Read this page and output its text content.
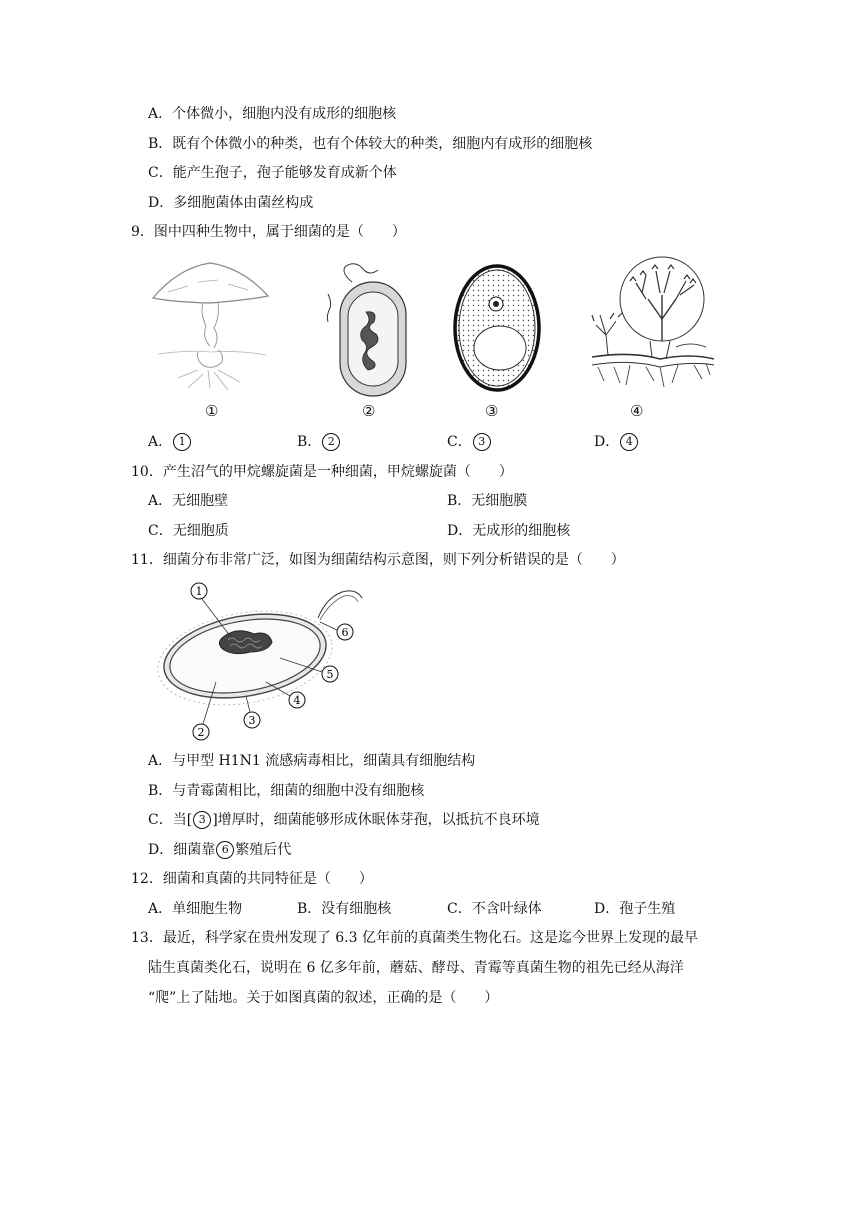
A．个体微小，细胞内没有成形的细胞核
B．既有个体微小的种类，也有个体较大的种类，细胞内有成形的细胞核
C．能产生孢子，孢子能够发育成新个体
D．多细胞菌体由菌丝构成
9．图中四种生物中，属于细菌的是（　　）
①	②	③	④
A． 1	B． 2	C． 3	D． 4
10．产生沼气的甲烷螺旋菌是一种细菌，甲烷螺旋菌（　　）
A．无细胞壁	B．无细胞膜
C．无细胞质	D．无成形的细胞核
11．细菌分布非常广泛，如图为细菌结构示意图，则下列分析错误的是（　　）
1
6
5
4
3
2
A．与甲型 H1N1 流感病毒相比，细菌具有细胞结构
B．与青霉菌相比，细菌的细胞中没有细胞核
C．当[ 3 ]增厚时，细菌能够形成休眠体芽孢，以抵抗不良环境
D．细菌靠 6 繁殖后代
12．细菌和真菌的共同特征是（　　）
A．单细胞生物	B．没有细胞核	C．不含叶绿体	D．孢子生殖
13．最近，科学家在贵州发现了 6.3 亿年前的真菌类生物化石。这是迄今世界上发现的最早
陆生真菌类化石，说明在 6 亿多年前，蘑菇、酵母、青霉等真菌生物的祖先已经从海洋
“爬”上了陆地。关于如图真菌的叙述，正确的是（　　）
